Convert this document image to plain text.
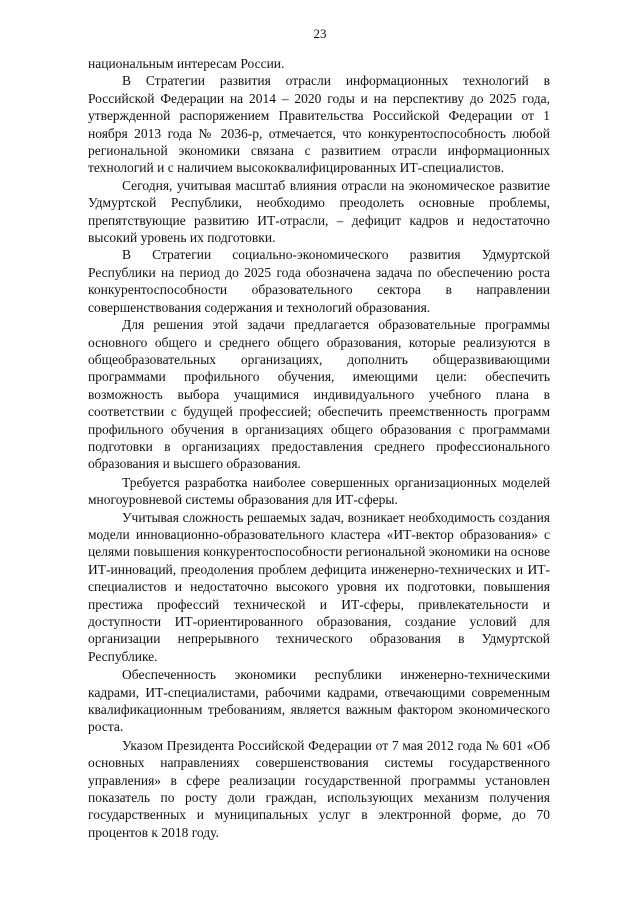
23

национальным интересам России.

В Стратегии развития отрасли информационных технологий в Российской Федерации на 2014 – 2020 годы и на перспективу до 2025 года, утвержденной распоряжением Правительства Российской Федерации от 1 ноября 2013 года № 2036-р, отмечается, что конкурентоспособность любой региональной экономики связана с развитием отрасли информационных технологий и с наличием высококвалифицированных ИТ-специалистов.

Сегодня, учитывая масштаб влияния отрасли на экономическое развитие Удмуртской Республики, необходимо преодолеть основные проблемы, препятствующие развитию ИТ-отрасли, – дефицит кадров и недостаточно высокий уровень их подготовки.

В Стратегии социально-экономического развития Удмуртской Республики на период до 2025 года обозначена задача по обеспечению роста конкурентоспособности образовательного сектора в направлении совершенствования содержания и технологий образования.

Для решения этой задачи предлагается образовательные программы основного общего и среднего общего образования, которые реализуются в общеобразовательных организациях, дополнить общеразвивающими программами профильного обучения, имеющими цели: обеспечить возможность выбора учащимися индивидуального учебного плана в соответствии с будущей профессией; обеспечить преемственность программ профильного обучения в организациях общего образования с программами подготовки в организациях предоставления среднего профессионального образования и высшего образования.

Требуется разработка наиболее совершенных организационных моделей многоуровневой системы образования для ИТ-сферы.

Учитывая сложность решаемых задач, возникает необходимость создания модели инновационно-образовательного кластера «ИТ-вектор образования» с целями повышения конкурентоспособности региональной экономики на основе ИТ-инноваций, преодоления проблем дефицита инженерно-технических и ИТ-специалистов и недостаточно высокого уровня их подготовки, повышения престижа профессий технической и ИТ-сферы, привлекательности и доступности ИТ-ориентированного образования, создание условий для организации непрерывного технического образования в Удмуртской Республике.

Обеспеченность экономики республики инженерно-техническими кадрами, ИТ-специалистами, рабочими кадрами, отвечающими современным квалификационным требованиям, является важным фактором экономического роста.

Указом Президента Российской Федерации от 7 мая 2012 года № 601 «Об основных направлениях совершенствования системы государственного управления» в сфере реализации государственной программы установлен показатель по росту доли граждан, использующих механизм получения государственных и муниципальных услуг в электронной форме, до 70 процентов к 2018 году.
